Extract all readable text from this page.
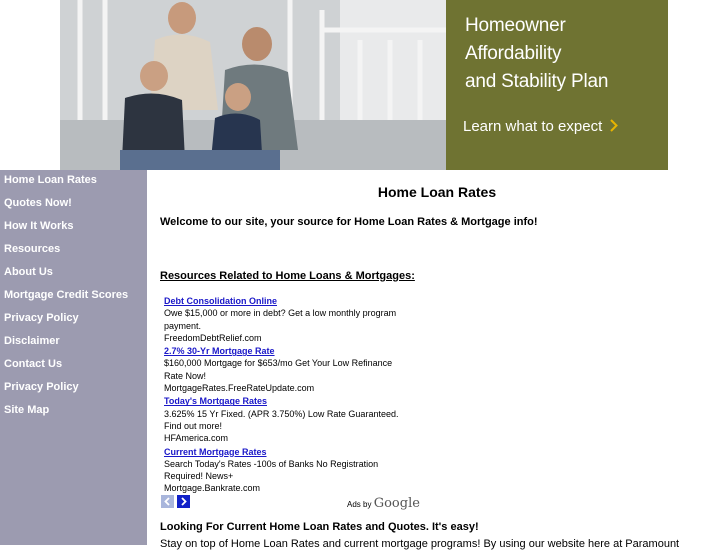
Homeowner
Affordability
and Stability Plan
Learn what to expect
Home Loan Rates
Quotes Now!
How It Works
Resources
About Us
Mortgage Credit Scores
Privacy Policy
Disclaimer
Contact Us
Privacy Policy
Site Map
Home Loan Rates
Welcome to our site, your source for Home Loan Rates & Mortgage info!
Resources Related to Home Loans & Mortgages:
Debt Consolidation Online
Owe $15,000 or more in debt? Get a low monthly program payment.
FreedomDebtRelief.com
2.7% 30-Yr Mortgage Rate
$160,000 Mortgage for $653/mo Get Your Low Refinance Rate Now!
MortgageRates.FreeRateUpdate.com
Today's Mortgage Rates
3.625% 15 Yr Fixed. (APR 3.750%) Low Rate Guaranteed. Find out more!
HFAmerica.com
Current Mortgage Rates
Search Today's Rates -100s of Banks No Registration Required! News+
Mortgage.Bankrate.com
Ads by Google
Looking For Current Home Loan Rates and Quotes. It's easy!
Stay on top of Home Loan Rates and current mortgage programs! By using our website here at Paramount
